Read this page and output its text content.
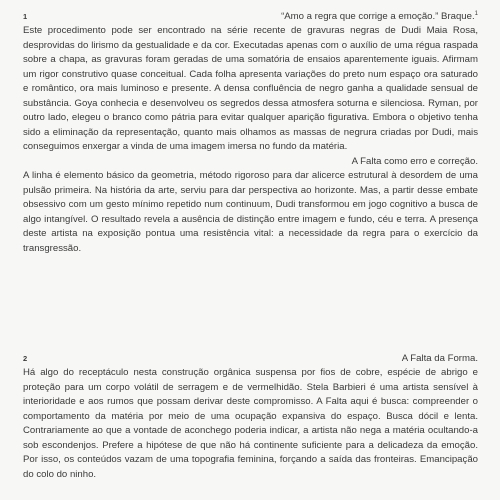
1	“Amo a regra que corrige a emoção.” Braque.$^1$

Este procedimento pode ser encontrado na série recente de gravuras negras de Dudi Maia Rosa, desprovidas do lirismo da gestualidade e da cor. Executadas apenas com o auxílio de uma régua raspada sobre a chapa, as gravuras foram geradas de uma somatória de ensaios aparentemente iguais. Afirmam um rigor construtivo quase conceitual. Cada folha apresenta variações do preto num espaço ora saturado e romântico, ora mais luminoso e presente. A densa confluência de negro ganha a qualidade sensual de substância. Goya conhecia e desenvolveu os segredos dessa atmosfera soturna e silenciosa. Ryman, por outro lado, elegeu o branco como pátria para evitar qualquer aparição figurativa. Embora o objetivo tenha sido a eliminação da representação, quanto mais olhamos as massas de negrura criadas por Dudi, mais conseguimos enxergar a vinda de uma imagem imersa no fundo da matéria.

A Falta como erro e correção.

A linha é elemento básico da geometria, método rigoroso para dar alicerce estrutural à desordem de uma pulsão primeira. Na história da arte, serviu para dar perspectiva ao horizonte. Mas, a partir desse embate obsessivo com um gesto mínimo repetido num continuum, Dudi transformou em jogo cognitivo a busca de algo intangível. O resultado revela a ausência de distinção entre imagem e fundo, céu e terra. A presença deste artista na exposição pontua uma resistência vital: a necessidade da regra para o exercício da transgressão.

2	A Falta da Forma.

Há algo do receptáculo nesta construção orgânica suspensa por fios de cobre, espécie de abrigo e proteção para um corpo volátil de serragem e de vermelhidão. Stela Barbieri é uma artista sensível à interioridade e aos rumos que possam derivar deste compromisso. A Falta aqui é busca: compreender o comportamento da matéria por meio de uma ocupação expansiva do espaço. Busca dócil e lenta. Contrariamente ao que a vontade de aconchego poderia indicar, a artista não nega a matéria ocultando-a sob escondenjos. Prefere a hipótese de que não há continente suficiente para a delicadeza da emoção. Por isso, os conteúdos vazam de uma topografia feminina, forçando a saída das fronteiras. Emancipação do colo do ninho.
